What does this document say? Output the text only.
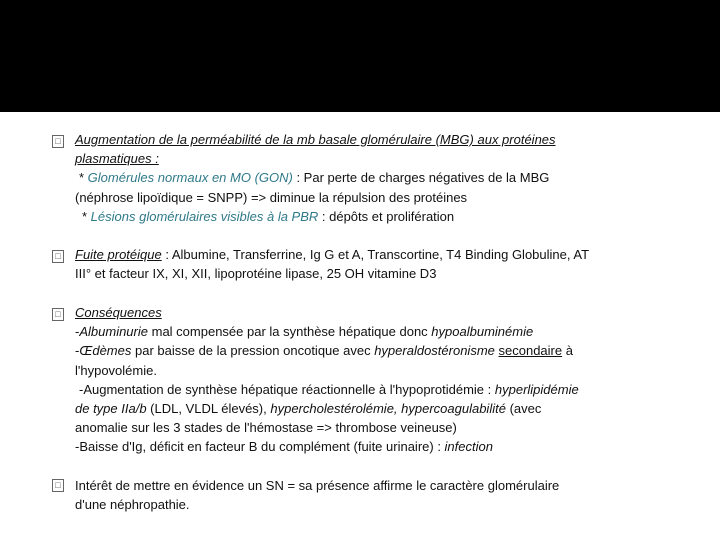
□ Augmentation de la perméabilité de la mb basale glomérulaire (MBG) aux protéines
plasmatiques :
* Glomérules normaux en MO (GON) : Par perte de charges négatives de la MBG
(néphrose lipoïdique = SNPP) => diminue la répulsion des protéines
* Lésions glomérulaires visibles à la PBR : dépôts et prolifération
□ Fuite protéique : Albumine, Transferrine, Ig G et A, Transcortine, T4 Binding Globuline, AT
III° et facteur IX, XI, XII, lipoprotéine lipase, 25 OH vitamine D3
□ Conséquences
-Albuminurie mal compensée par la synthèse hépatique donc hypoalbuminémie
-Œdèmes par baisse de la pression oncotique avec hyperaldostéronisme secondaire à
l'hypovolémie.
-Augmentation de synthèse hépatique réactionnelle à l'hypoprotidémie : hyperlipidémie
de type IIa/b (LDL, VLDL élevés), hypercholestérolémie, hypercoagulabilité (avec
anomalie sur les 3 stades de l'hémostase => thrombose veineuse)
-Baisse d'Ig, déficit en facteur B du complément (fuite urinaire) : infection
□ Intérêt de mettre en évidence un SN = sa présence affirme le caractère glomérulaire
d'une néphropathie.
